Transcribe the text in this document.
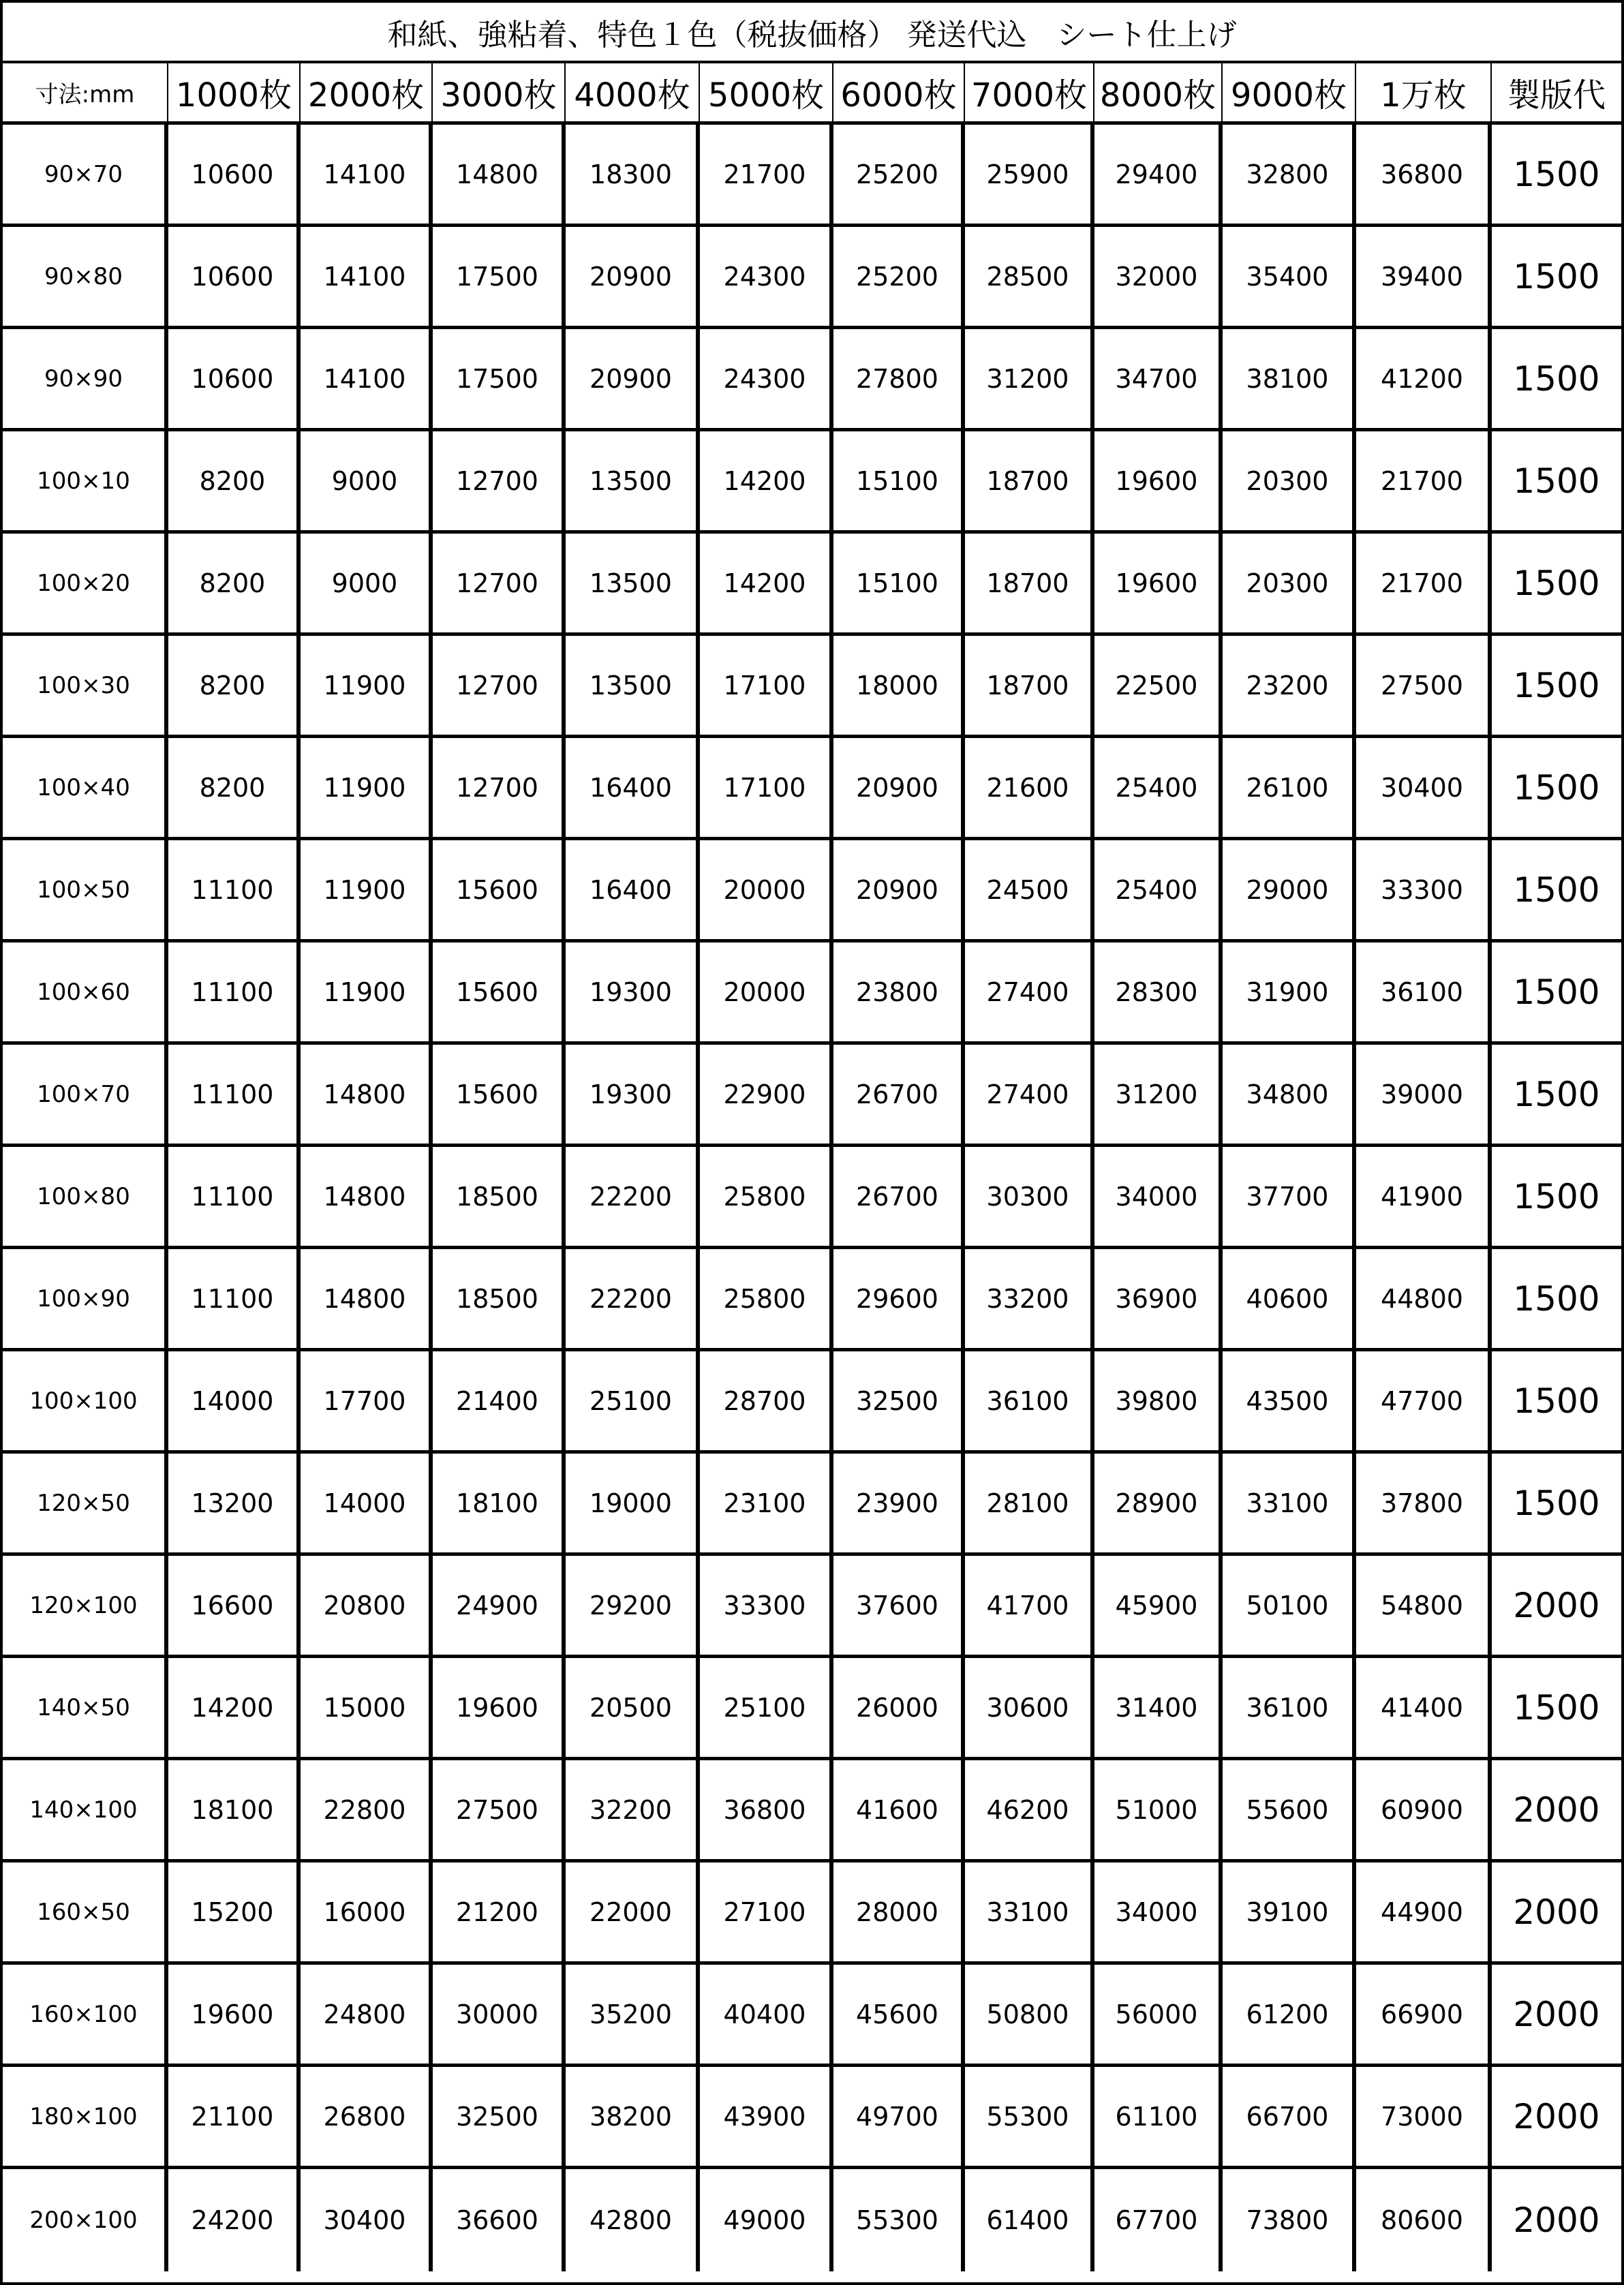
和紙、強粘着、特色１色（税抜価格） 発送代込　シート仕上げ
寸法:mm	1000枚 2000枚 3000枚 4000枚 5000枚 6000枚 7000枚 8000枚 9000枚	1万枚	製版代
90×70	10600	14100	14800	18300	21700	25200	25900	29400	32800	36800	1500
90×80	10600	14100	17500	20900	24300	25200	28500	32000	35400	39400	1500
90×90	10600	14100	17500	20900	24300	27800	31200	34700	38100	41200	1500
100×10	8200	9000	12700	13500	14200	15100	18700	19600	20300	21700	1500
100×20	8200	9000	12700	13500	14200	15100	18700	19600	20300	21700	1500
100×30	8200	11900	12700	13500	17100	18000	18700	22500	23200	27500	1500
100×40	8200	11900	12700	16400	17100	20900	21600	25400	26100	30400	1500
100×50	11100	11900	15600	16400	20000	20900	24500	25400	29000	33300	1500
100×60	11100	11900	15600	19300	20000	23800	27400	28300	31900	36100	1500
100×70	11100	14800	15600	19300	22900	26700	27400	31200	34800	39000	1500
100×80	11100	14800	18500	22200	25800	26700	30300	34000	37700	41900	1500
100×90	11100	14800	18500	22200	25800	29600	33200	36900	40600	44800	1500
100×100	14000	17700	21400	25100	28700	32500	36100	39800	43500	47700	1500
120×50	13200	14000	18100	19000	23100	23900	28100	28900	33100	37800	1500
120×100	16600	20800	24900	29200	33300	37600	41700	45900	50100	54800	2000
140×50	14200	15000	19600	20500	25100	26000	30600	31400	36100	41400	1500
140×100	18100	22800	27500	32200	36800	41600	46200	51000	55600	60900	2000
160×50	15200	16000	21200	22000	27100	28000	33100	34000	39100	44900	2000
160×100	19600	24800	30000	35200	40400	45600	50800	56000	61200	66900	2000
180×100	21100	26800	32500	38200	43900	49700	55300	61100	66700	73000	2000
200×100	24200	30400	36600	42800	49000	55300	61400	67700	73800	80600	2000
